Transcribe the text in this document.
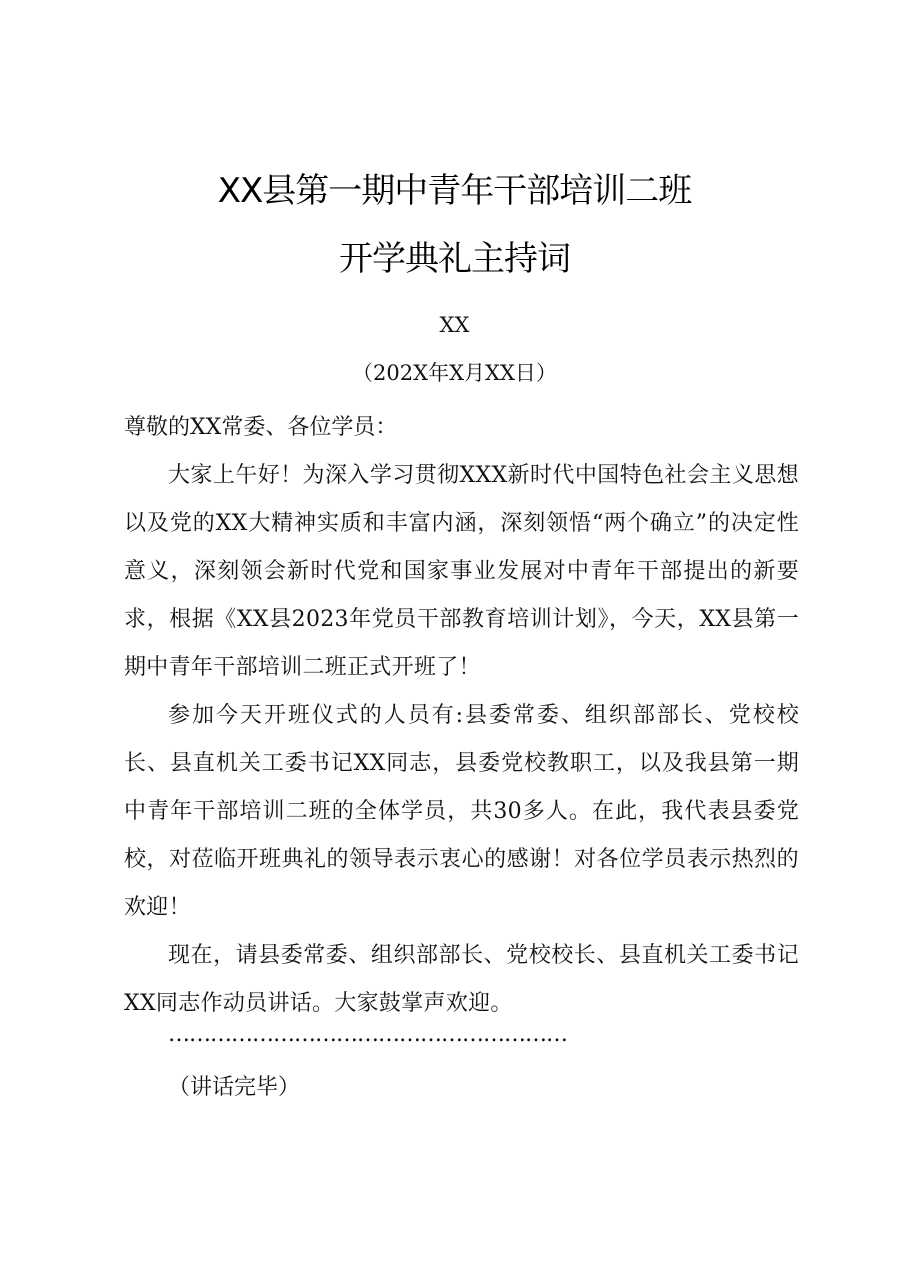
XX县第一期中青年干部培训二班
开学典礼主持词
XX
（202X年X月XX日）

尊敬的XX常委、各位学员：

大家上午好！为深入学习贯彻XXX新时代中国特色社会主义思想以及党的XX大精神实质和丰富内涵，深刻领悟“两个确立”的决定性意义，深刻领会新时代党和国家事业发展对中青年干部提出的新要求，根据《XX县2023年党员干部教育培训计划》，今天，XX县第一期中青年干部培训二班正式开班了！

参加今天开班仪式的人员有:县委常委、组织部部长、党校校长、县直机关工委书记XX同志，县委党校教职工，以及我县第一期中青年干部培训二班的全体学员，共30多人。在此，我代表县委党校，对莅临开班典礼的领导表示衷心的感谢！对各位学员表示热烈的欢迎！

现在，请县委常委、组织部部长、党校校长、县直机关工委书记XX同志作动员讲话。大家鼓掌声欢迎。

…………………………………………………
（讲话完毕）
